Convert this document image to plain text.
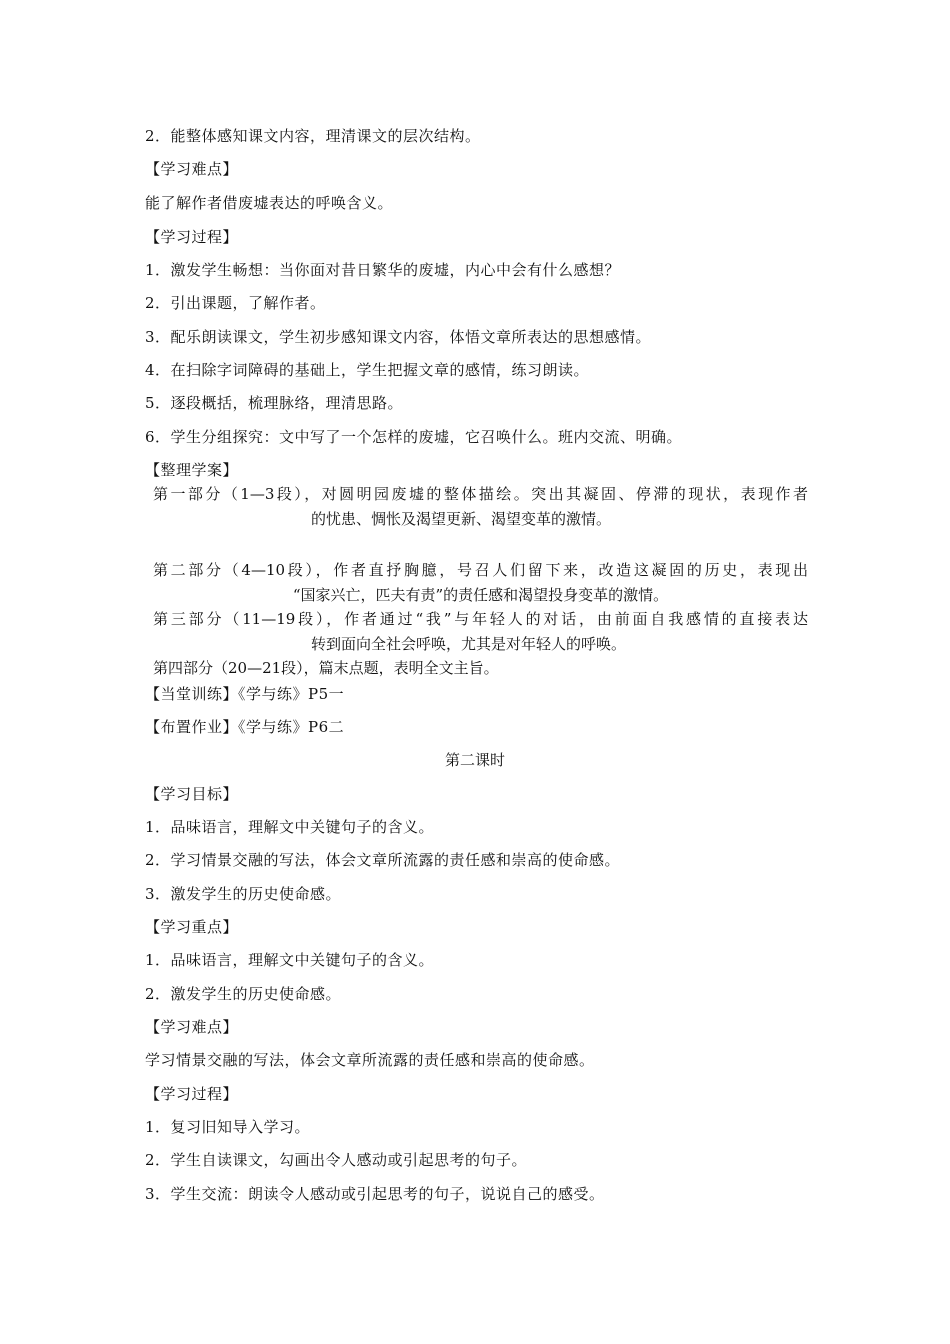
2．能整体感知课文内容，理清课文的层次结构。
【学习难点】
能了解作者借废墟表达的呼唤含义。
【学习过程】
1．激发学生畅想：当你面对昔日繁华的废墟，内心中会有什么感想？
2．引出课题，了解作者。
3．配乐朗读课文，学生初步感知课文内容，体悟文章所表达的思想感情。
4．在扫除字词障碍的基础上，学生把握文章的感情，练习朗读。
5．逐段概括，梳理脉络，理清思路。
6．学生分组探究：文中写了一个怎样的废墟，它召唤什么。班内交流、明确。
【整理学案】
第一部分（1—3段），对圆明园废墟的整体描绘。突出其凝固、停滞的现状，表现作者
的忧患、惆怅及渴望更新、渴望变革的激情。
第二部分（4—10段），作者直抒胸臆，号召人们留下来，改造这凝固的历史，表现出
“国家兴亡，匹夫有责”的责任感和渴望投身变革的激情。
第三部分（11—19段），作者通过“我”与年轻人的对话，由前面自我感情的直接表达
转到面向全社会呼唤，尤其是对年轻人的呼唤。
第四部分（20—21段），篇末点题，表明全文主旨。
【当堂训练】《学与练》P5一
【布置作业】《学与练》P6二
第二课时
【学习目标】
1．品味语言，理解文中关键句子的含义。
2．学习情景交融的写法，体会文章所流露的责任感和崇高的使命感。
3．激发学生的历史使命感。
【学习重点】
1．品味语言，理解文中关键句子的含义。
2．激发学生的历史使命感。
【学习难点】
学习情景交融的写法，体会文章所流露的责任感和崇高的使命感。
【学习过程】
1．复习旧知导入学习。
2．学生自读课文，勾画出令人感动或引起思考的句子。
3．学生交流：朗读令人感动或引起思考的句子，说说自己的感受。
